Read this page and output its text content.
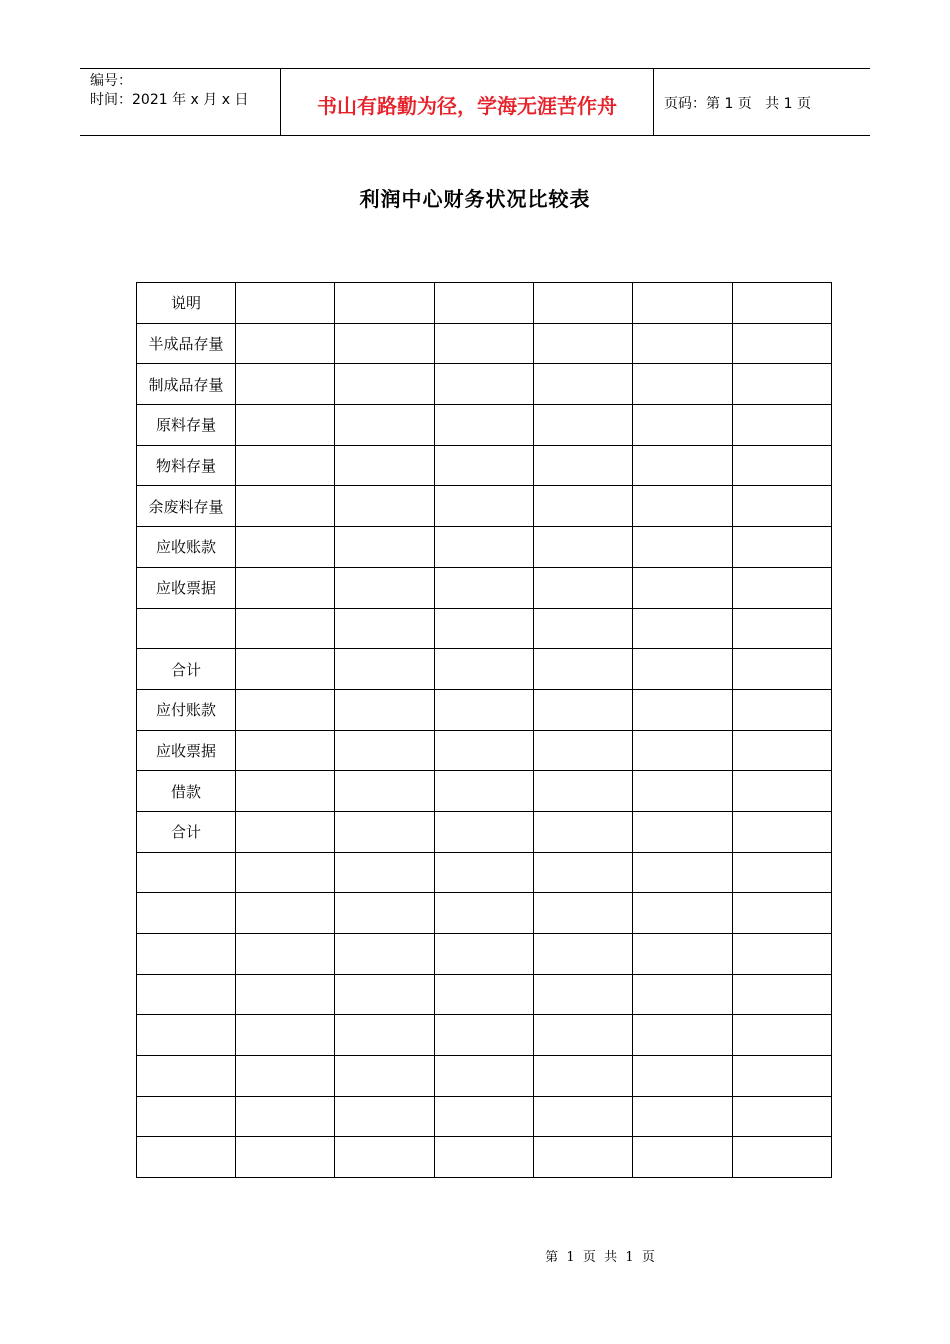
编号：
时间：2021 年 x 月 x 日	书山有路勤为径，学海无涯苦作舟	页码：第 1 页   共 1 页
利润中心财务状况比较表
说明						
半成品存量						
制成品存量						
原料存量						
物料存量						
余废料存量						
应收账款						
应收票据						

合计						
应付账款						
应收票据						
借款						
合计						

第  1  页  共  1  页
